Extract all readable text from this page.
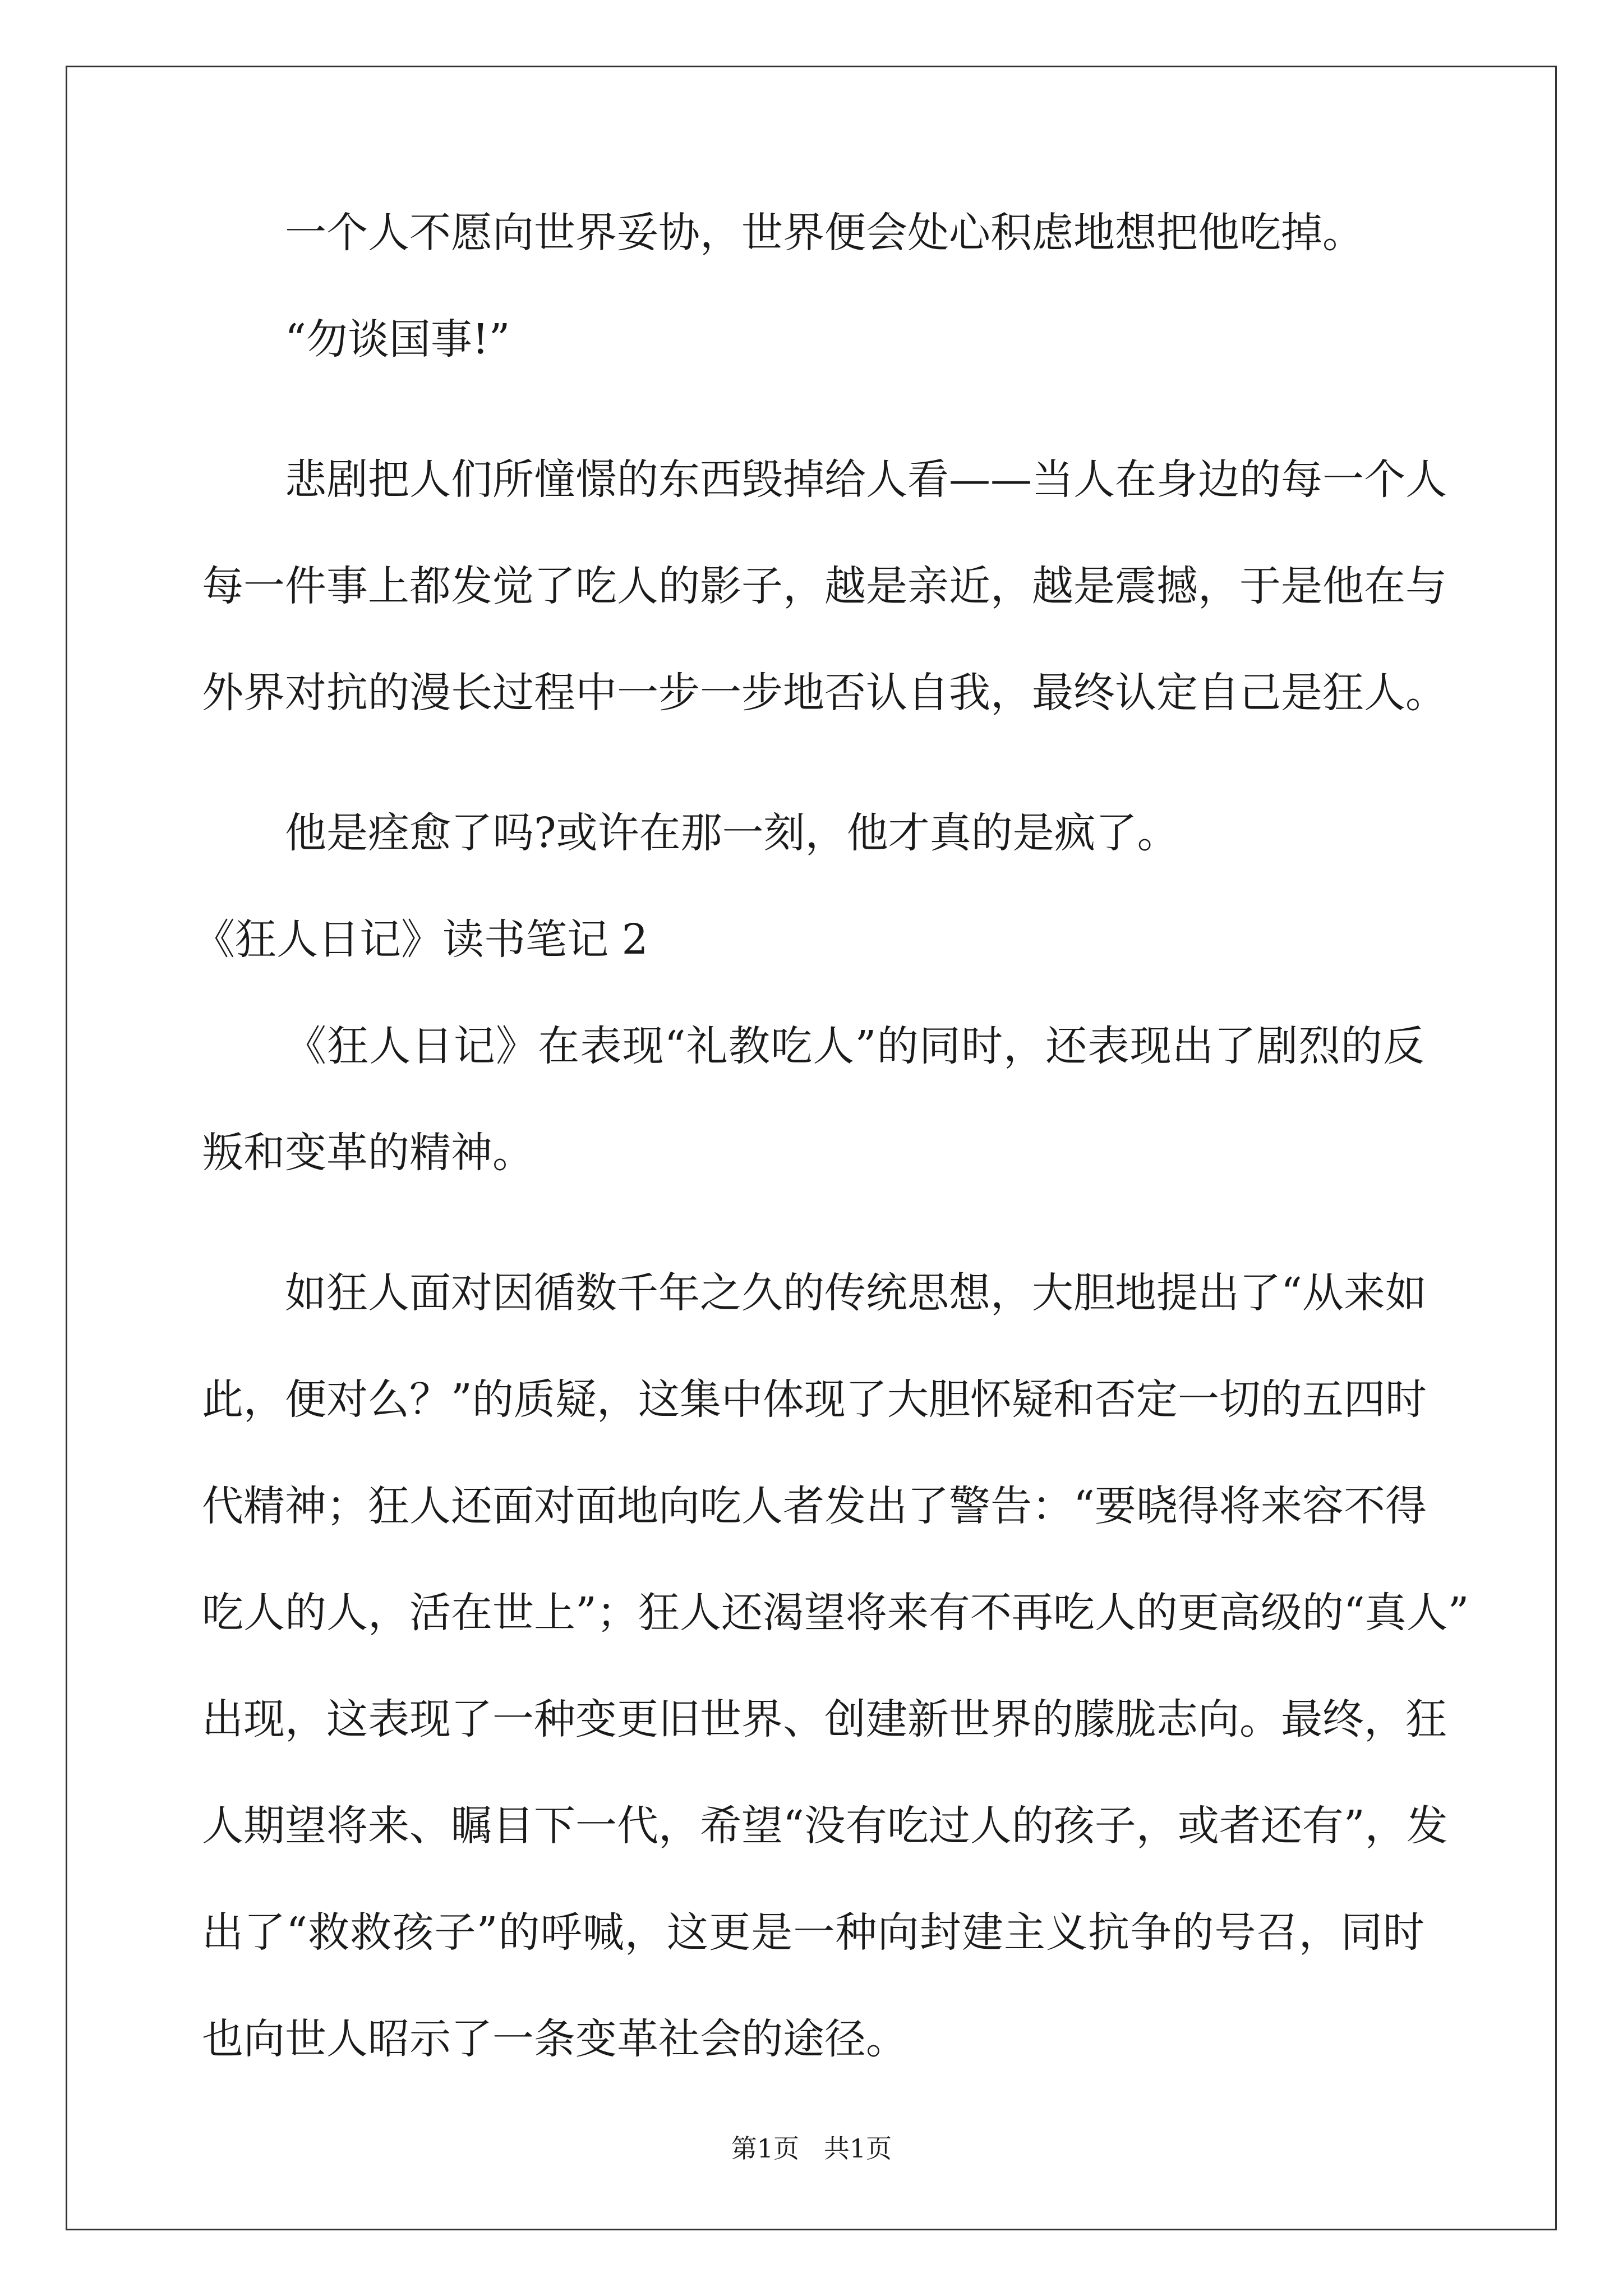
一个人不愿向世界妥协，世界便会处心积虑地想把他吃掉。
“勿谈国事!”
悲剧把人们所憧憬的东西毁掉给人看——当人在身边的每一个人
每一件事上都发觉了吃人的影子，越是亲近，越是震撼，于是他在与
外界对抗的漫长过程中一步一步地否认自我，最终认定自己是狂人。
他是痊愈了吗?或许在那一刻，他才真的是疯了。
《狂人日记》读书笔记 2
《狂人日记》在表现“礼教吃人”的同时，还表现出了剧烈的反
叛和变革的精神。
如狂人面对因循数千年之久的传统思想，大胆地提出了“从来如
此，便对么？”的质疑，这集中体现了大胆怀疑和否定一切的五四时
代精神；狂人还面对面地向吃人者发出了警告：“要晓得将来容不得
吃人的人，活在世上”；狂人还渴望将来有不再吃人的更高级的“真人”
出现，这表现了一种变更旧世界、创建新世界的朦胧志向。最终，狂
人期望将来、瞩目下一代，希望“没有吃过人的孩子，或者还有”，发
出了“救救孩子”的呼喊，这更是一种向封建主义抗争的号召，同时
也向世人昭示了一条变革社会的途径。
第1页   共1页
